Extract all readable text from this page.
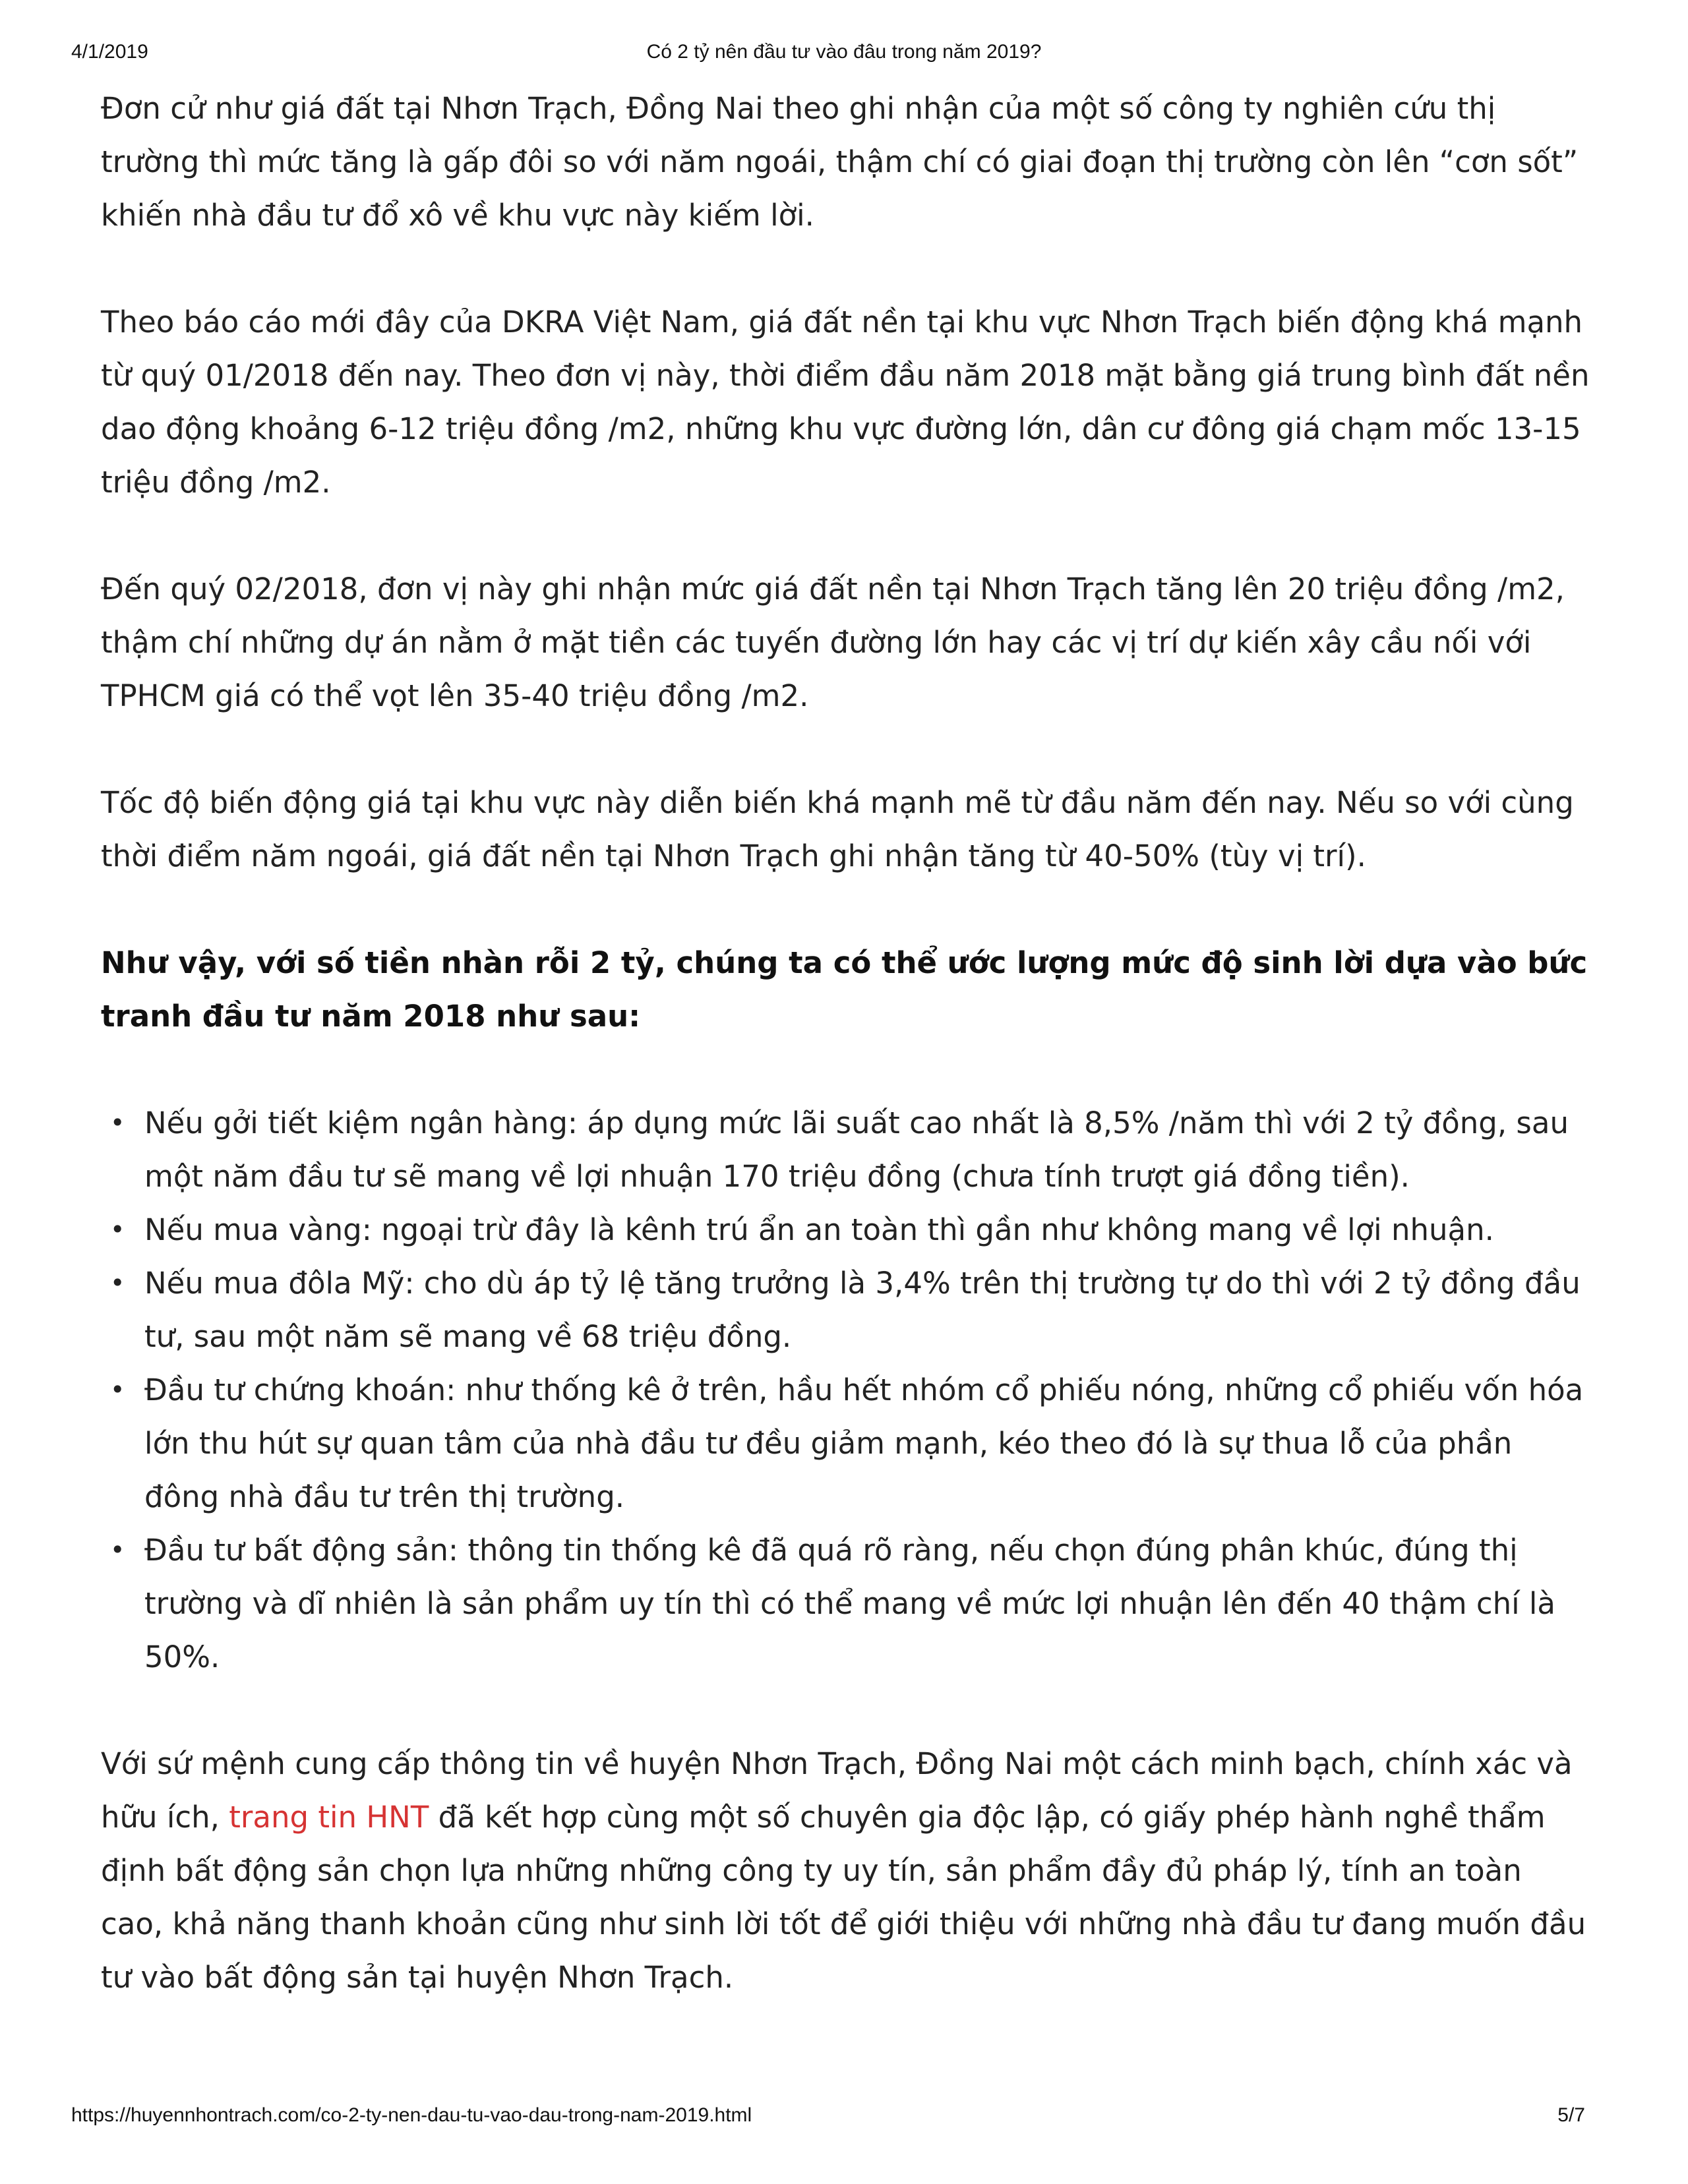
4/1/2019	Có 2 tỷ nên đầu tư vào đâu trong năm 2019?

Đơn cử như giá đất tại Nhơn Trạch, Đồng Nai theo ghi nhận của một số công ty nghiên cứu thị trường thì mức tăng là gấp đôi so với năm ngoái, thậm chí có giai đoạn thị trường còn lên “cơn sốt” khiến nhà đầu tư đổ xô về khu vực này kiếm lời.

Theo báo cáo mới đây của DKRA Việt Nam, giá đất nền tại khu vực Nhơn Trạch biến động khá mạnh từ quý 01/2018 đến nay. Theo đơn vị này, thời điểm đầu năm 2018 mặt bằng giá trung bình đất nền dao động khoảng 6-12 triệu đồng /m2, những khu vực đường lớn, dân cư đông giá chạm mốc 13-15 triệu đồng /m2.

Đến quý 02/2018, đơn vị này ghi nhận mức giá đất nền tại Nhơn Trạch tăng lên 20 triệu đồng /m2, thậm chí những dự án nằm ở mặt tiền các tuyến đường lớn hay các vị trí dự kiến xây cầu nối với TPHCM giá có thể vọt lên 35-40 triệu đồng /m2.

Tốc độ biến động giá tại khu vực này diễn biến khá mạnh mẽ từ đầu năm đến nay. Nếu so với cùng thời điểm năm ngoái, giá đất nền tại Nhơn Trạch ghi nhận tăng từ 40-50% (tùy vị trí).

Như vậy, với số tiền nhàn rỗi 2 tỷ, chúng ta có thể ước lượng mức độ sinh lời dựa vào bức tranh đầu tư năm 2018 như sau:

• Nếu gởi tiết kiệm ngân hàng: áp dụng mức lãi suất cao nhất là 8,5% /năm thì với 2 tỷ đồng, sau một năm đầu tư sẽ mang về lợi nhuận 170 triệu đồng (chưa tính trượt giá đồng tiền).
• Nếu mua vàng: ngoại trừ đây là kênh trú ẩn an toàn thì gần như không mang về lợi nhuận.
• Nếu mua đôla Mỹ: cho dù áp tỷ lệ tăng trưởng là 3,4% trên thị trường tự do thì với 2 tỷ đồng đầu tư, sau một năm sẽ mang về 68 triệu đồng.
• Đầu tư chứng khoán: như thống kê ở trên, hầu hết nhóm cổ phiếu nóng, những cổ phiếu vốn hóa lớn thu hút sự quan tâm của nhà đầu tư đều giảm mạnh, kéo theo đó là sự thua lỗ của phần đông nhà đầu tư trên thị trường.
• Đầu tư bất động sản: thông tin thống kê đã quá rõ ràng, nếu chọn đúng phân khúc, đúng thị trường và dĩ nhiên là sản phẩm uy tín thì có thể mang về mức lợi nhuận lên đến 40 thậm chí là 50%.

Với sứ mệnh cung cấp thông tin về huyện Nhơn Trạch, Đồng Nai một cách minh bạch, chính xác và hữu ích, trang tin HNT đã kết hợp cùng một số chuyên gia độc lập, có giấy phép hành nghề thẩm định bất động sản chọn lựa những những công ty uy tín, sản phẩm đầy đủ pháp lý, tính an toàn cao, khả năng thanh khoản cũng như sinh lời tốt để giới thiệu với những nhà đầu tư đang muốn đầu tư vào bất động sản tại huyện Nhơn Trạch.

https://huyennhontrach.com/co-2-ty-nen-dau-tu-vao-dau-trong-nam-2019.html	5/7
